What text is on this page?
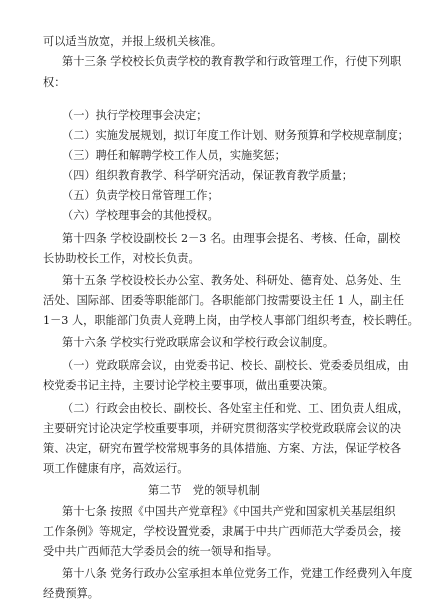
可以适当放宽，并报上级机关核准。
第十三条 学校校长负责学校的教育教学和行政管理工作，行使下列职
权：
（一）执行学校理事会决定；
（二）实施发展规划，拟订年度工作计划、财务预算和学校规章制度；
（三）聘任和解聘学校工作人员，实施奖惩；
（四）组织教育教学、科学研究活动，保证教育教学质量；
（五）负责学校日常管理工作；
（六）学校理事会的其他授权。
第十四条 学校设副校长 2－3 名。由理事会提名、考核、任命，副校
长协助校长工作，对校长负责。
第十五条 学校设校长办公室、教务处、科研处、德育处、总务处、生
活处、国际部、团委等职能部门。各职能部门按需要设主任 1 人，副主任
1－3 人，职能部门负责人竞聘上岗，由学校人事部门组织考查，校长聘任。
第十六条 学校实行党政联席会议和学校行政会议制度。
（一）党政联席会议，由党委书记、校长、副校长、党委委员组成，由
校党委书记主持，主要讨论学校主要事项，做出重要决策。
（二）行政会由校长、副校长、各处室主任和党、工、团负责人组成，
主要研究讨论决定学校重要事项，并研究贯彻落实学校党政联席会议的决
策、决定，研究布置学校常规事务的具体措施、方案、方法，保证学校各
项工作健康有序，高效运行。
第二节　党的领导机制
第十七条 按照《中国共产党章程》《中国共产党和国家机关基层组织
工作条例》等规定，学校设置党委，隶属于中共广西师范大学委员会，接
受中共广西师范大学委员会的统一领导和指导。
第十八条 党务行政办公室承担本单位党务工作，党建工作经费列入年度
经费预算。
